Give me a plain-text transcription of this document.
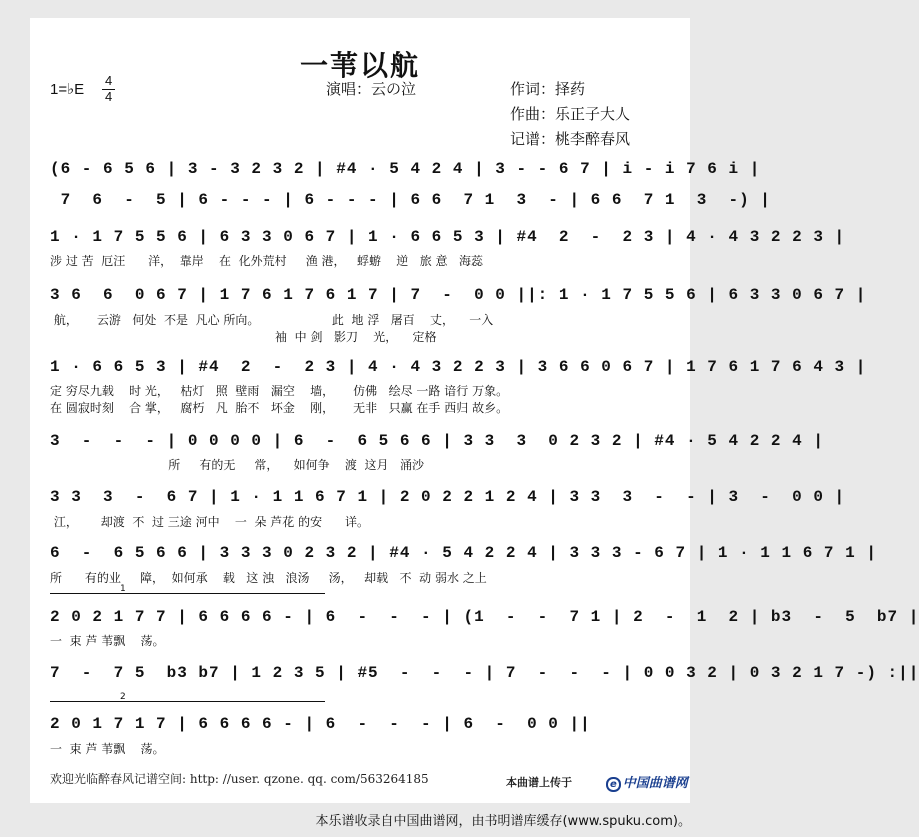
一苇以航
1=♭E
4
4	演唱：云の泣	作词：择药
作曲：乐正子大人
记谱：桃李醉春风
(6 - 6 5 6 | 3 - 3 2 3 2 | #4 · 5 4 2 4 | 3 - - 6 7 | i - i 7 6 i |
7  6  -  5 | 6 - - - | 6 - - - | 6 6  7 1  3  - | 6 6  7 1  3  -) |
1 · 1 7 5 5 6 | 6 3 3 0 6 7 | 1 · 6 6 5 3 | #4  2  -  2 3 | 4 · 4 3 2 2 3 |
涉 过 苦  厄汪      洋，  靠岸    在  化外荒村     渔 港，   蜉蝣    逆   旅 意   海蕊
3 6  6  0 6 7 | 1 7 6 1 7 6 1 7 | 7  -  0 0 ||: 1 · 1 7 5 5 6 | 6 3 3 0 6 7 |
航，     云游   何处  不是  凡心 所向。                   此  地 浮   屠百    丈，    一入
袖  中 剑   影刀    光，    定格
1 · 6 6 5 3 | #4  2  -  2 3 | 4 · 4 3 2 2 3 | 3 6 6 0 6 7 | 1 7 6 1 7 6 4 3 |
定 穷尽九载    时 光，   枯灯   照  壁雨   漏空    墙，     仿佛   绘尽 一路 谙行 万象。
在 圆寂时刻    合 掌，   腐朽   凡  胎不   坏金    刚，     无非   只赢 在手 西归 故乡。
3  -  -  - | 0 0 0 0 | 6  -  6 5 6 6 | 3 3  3  0 2 3 2 | #4 · 5 4 2 2 4 |
所     有的无     常，    如何争    渡  这月   涌沙
3 3  3  -  6 7 | 1 · 1 1 6 7 1 | 2 0 2 2 1 2 4 | 3 3  3  -  - | 3  -  0 0 |
江，      却渡  不  过 三途 河中    一  朵 芦花 的安      详。
6  -  6 5 6 6 | 3 3 3 0 2 3 2 | #4 · 5 4 2 2 4 | 3 3 3 - 6 7 | 1 · 1 1 6 7 1 |
所      有的业     障，  如何承    载   这 浊   浪汤     汤，   却载   不  动 弱水 之上
1
2 0 2 1 7 7 | 6 6 6 6 - | 6  -  -  - | (1  -  -  7 1 | 2  -  1  2 | b3  -  5  b7 |
一  束 芦 苇飘    荡。
7  -  7 5  b3 b7 | 1 2 3 5 | #5  -  -  - | 7  -  -  - | 0 0 3 2 | 0 3 2 1 7 -) :||
2
2 0 1 7 1 7 | 6 6 6 6 - | 6  -  -  - | 6  -  0 0 ||
一  束 芦 苇飘    荡。
欢迎光临醉春风记谱空间: http: //user. qzone. qq. com/563264185	本曲谱上传于	e 中国曲谱网
本乐谱收录自中国曲谱网，由书明谱库缓存(www.spuku.com)。
